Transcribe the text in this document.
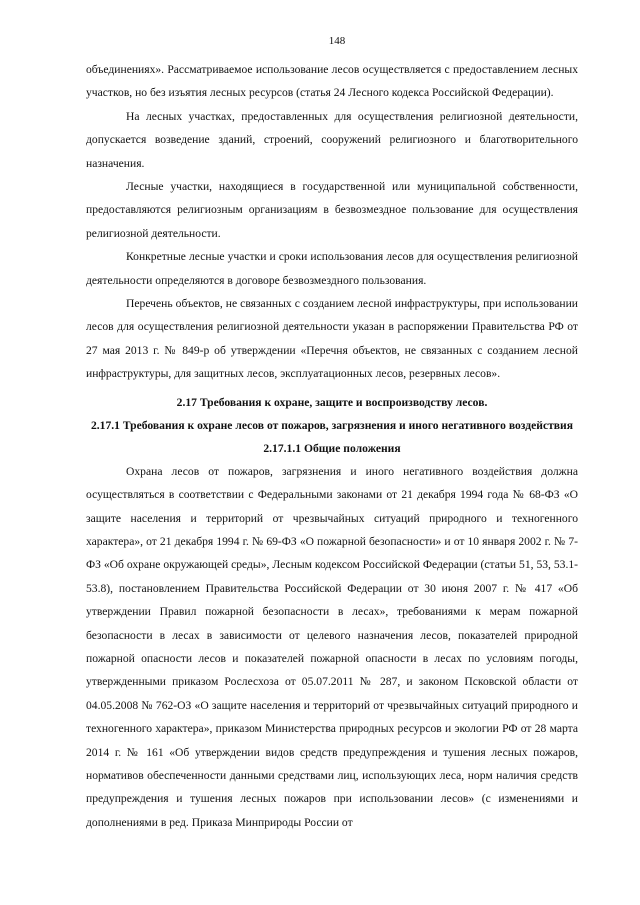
148

объединениях». Рассматриваемое использование лесов осуществляется с предоставлением лесных участков, но без изъятия лесных ресурсов (статья 24 Лесного кодекса Российской Федерации).

На лесных участках, предоставленных для осуществления религиозной деятельности, допускается возведение зданий, строений, сооружений религиозного и благотворительного назначения.

Лесные участки, находящиеся в государственной или муниципальной собственности, предоставляются религиозным организациям в безвозмездное пользование для осуществления религиозной деятельности.

Конкретные лесные участки и сроки использования лесов для осуществления религиозной деятельности определяются в договоре безвозмездного пользования.

Перечень объектов, не связанных с созданием лесной инфраструктуры, при использовании лесов для осуществления религиозной деятельности указан в распоряжении Правительства РФ от 27 мая 2013 г. № 849-р об утверждении «Перечня объектов, не связанных с созданием лесной инфраструктуры, для защитных лесов, эксплуатационных лесов, резервных лесов».

2.17 Требования к охране, защите и воспроизводству лесов.
2.17.1 Требования к охране лесов от пожаров, загрязнения и иного негативного воздействия
2.17.1.1 Общие положения

Охрана лесов от пожаров, загрязнения и иного негативного воздействия должна осуществляться в соответствии с Федеральными законами от 21 декабря 1994 года № 68-ФЗ «О защите населения и территорий от чрезвычайных ситуаций природного и техногенного характера», от 21 декабря 1994 г. № 69-ФЗ «О пожарной безопасности» и от 10 января 2002 г. № 7-ФЗ «Об охране окружающей среды», Лесным кодексом Российской Федерации (статьи 51, 53, 53.1-53.8), постановлением Правительства Российской Федерации от 30 июня 2007 г. № 417 «Об утверждении Правил пожарной безопасности в лесах», требованиями к мерам пожарной безопасности в лесах в зависимости от целевого назначения лесов, показателей природной пожарной опасности лесов и показателей пожарной опасности в лесах по условиям погоды, утвержденными приказом Рослесхоза от 05.07.2011 № 287, и законом Псковской области от 04.05.2008 № 762-ОЗ «О защите населения и территорий от чрезвычайных ситуаций природного и техногенного характера», приказом Министерства природных ресурсов и экологии РФ от 28 марта 2014 г. № 161 «Об утверждении видов средств предупреждения и тушения лесных пожаров, нормативов обеспеченности данными средствами лиц, использующих леса, норм наличия средств предупреждения и тушения лесных пожаров при использовании лесов» (с изменениями и дополнениями в ред. Приказа Минприроды России от
